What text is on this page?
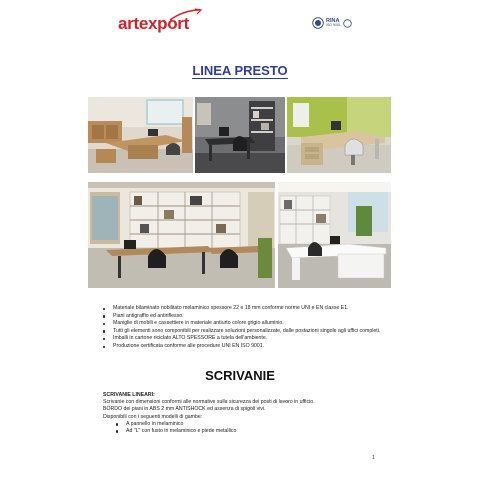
artexport	RINA
ISO 9001
LINEA PRESTO
Materiale bilaminato nobilitato melaminico spessore 22 e 18 mm conforme norme UNI e EN classe E1.
Piani antigraffio ed antiriflesso.
Maniglie di mobili e cassettiere in materiale antiurto colore grigio alluminio.
Tutti gli elementi sono componibili per realizzare soluzioni personalizzate, dalle postazioni singole agli uffici completi.
Imballi in cartone riciclato ALTO SPESSORE a tutela dell'ambiente.
Produzione certificata conforme alle procedure UNI EN ISO 9001.
SCRIVANIE

SCRIVANIE LINEARI:

Scrivanie con dimensioni conformi alle normative sulla sicurezza dei posti di lavoro in ufficio.

BORDO dei piani in ABS 2 mm ANTISHOCK ed assenza di spigoli vivi.

Disponibili con i seguenti modelli di gambe:

A pannello in melaminico
Ad "L" con fusto in melaminico e piede metallico
1
